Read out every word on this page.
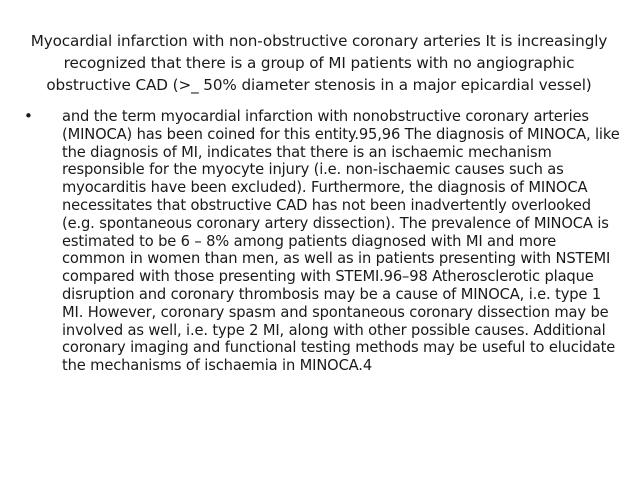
Myocardial infarction with non-obstructive coronary arteries It is increasingly recognized that there is a group of MI patients with no angiographic obstructive CAD (>_ 50% diameter stenosis in a major epicardial vessel)
• and the term myocardial infarction with nonobstructive coronary arteries (MINOCA) has been coined for this entity.95,96 The diagnosis of MINOCA, like the diagnosis of MI, indicates that there is an ischaemic mechanism responsible for the myocyte injury (i.e. non-ischaemic causes such as myocarditis have been excluded). Furthermore, the diagnosis of MINOCA necessitates that obstructive CAD has not been inadvertently overlooked (e.g. spontaneous coronary artery dissection). The prevalence of MINOCA is estimated to be 6 – 8% among patients diagnosed with MI and more common in women than men, as well as in patients presenting with NSTEMI compared with those presenting with STEMI.96–98 Atherosclerotic plaque disruption and coronary thrombosis may be a cause of MINOCA, i.e. type 1 MI. However, coronary spasm and spontaneous coronary dissection may be involved as well, i.e. type 2 MI, along with other possible causes. Additional coronary imaging and functional testing methods may be useful to elucidate the mechanisms of ischaemia in MINOCA.4
